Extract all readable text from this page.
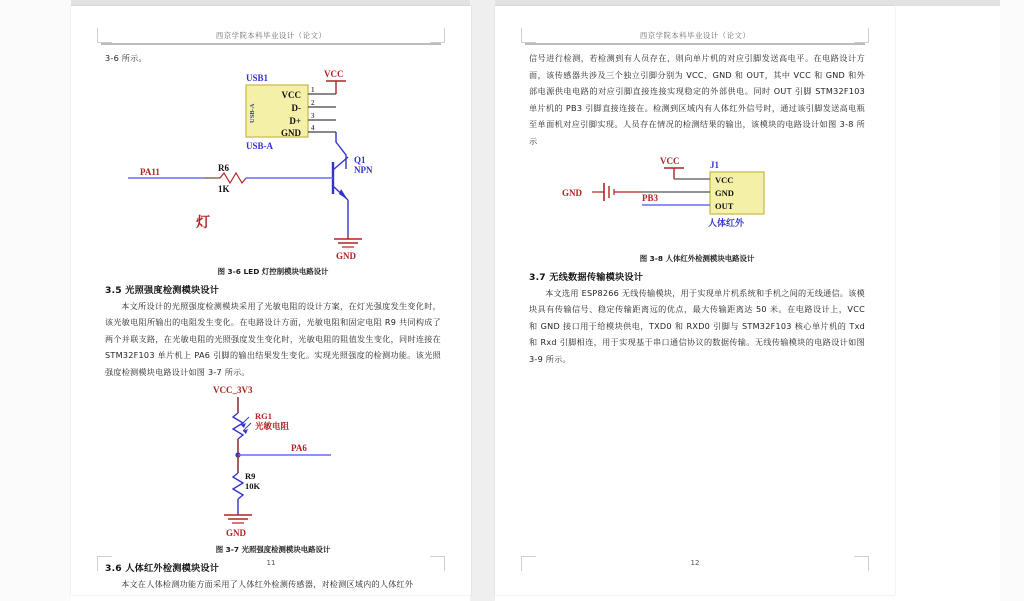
西京学院本科毕业设计（论文）

3-6 所示。

USB1
USB-A
USB-A
VCC
D-
D+
GND
1
2
3
4
VCC
Q1
NPN
PA11	R6
1K
灯
GND

图 3-6 LED 灯控制模块电路设计

3.5 光照强度检测模块设计

本文所设计的光照强度检测模块采用了光敏电阻的设计方案，在灯光强度发生变化时，该光敏电阻所输出的电阻发生变化。在电路设计方面，光敏电阻和固定电阻 R9 共同构成了两个并联支路，在光敏电阻的光照强度发生变化时，光敏电阻的阻值发生变化，同时连接在 STM32F103 单片机上 PA6 引脚的输出结果发生变化。实现光照强度的检测功能。该光照强度检测模块电路设计如图 3-7 所示。

VCC_3V3
RG1
光敏电阻
PA6
R9
10K
GND

图 3-7 光照强度检测模块电路设计

3.6 人体红外检测模块设计

本文在人体检测功能方面采用了人体红外检测传感器，对检测区域内的人体红外

11
西京学院本科毕业设计（论文）

信号进行检测，若检测到有人员存在，则向单片机的对应引脚发送高电平。在电路设计方面，该传感器共涉及三个独立引脚分别为 VCC、GND 和 OUT，其中 VCC 和 GND 和外部电源供电电路的对应引脚直接连接实现稳定的外部供电。同时 OUT 引脚 STM32F103 单片机的 PB3 引脚直接连接在。检测到区域内有人体红外信号时，通过该引脚发送高电瓶至单面机对应引脚实现。人员存在情况的检测结果的输出，该模块的电路设计如图 3-8 所示

J1
VCC
GND
OUT
人体红外
VCC
GND	PB3

图 3-8 人体红外检测模块电路设计

3.7 无线数据传输模块设计

本文选用 ESP8266 无线传输模块，用于实现单片机系统和手机之间的无线通信。该模块具有传输信号、稳定传输距离远的优点，最大传输距离达 50 米。在电路设计上，VCC 和 GND 接口用于给模块供电，TXD0 和 RXD0 引脚与 STM32F103 核心单片机的 Txd 和 Rxd 引脚相连，用于实现基于串口通信协议的数据传输。无线传输模块的电路设计如图 3-9 所示。

12
